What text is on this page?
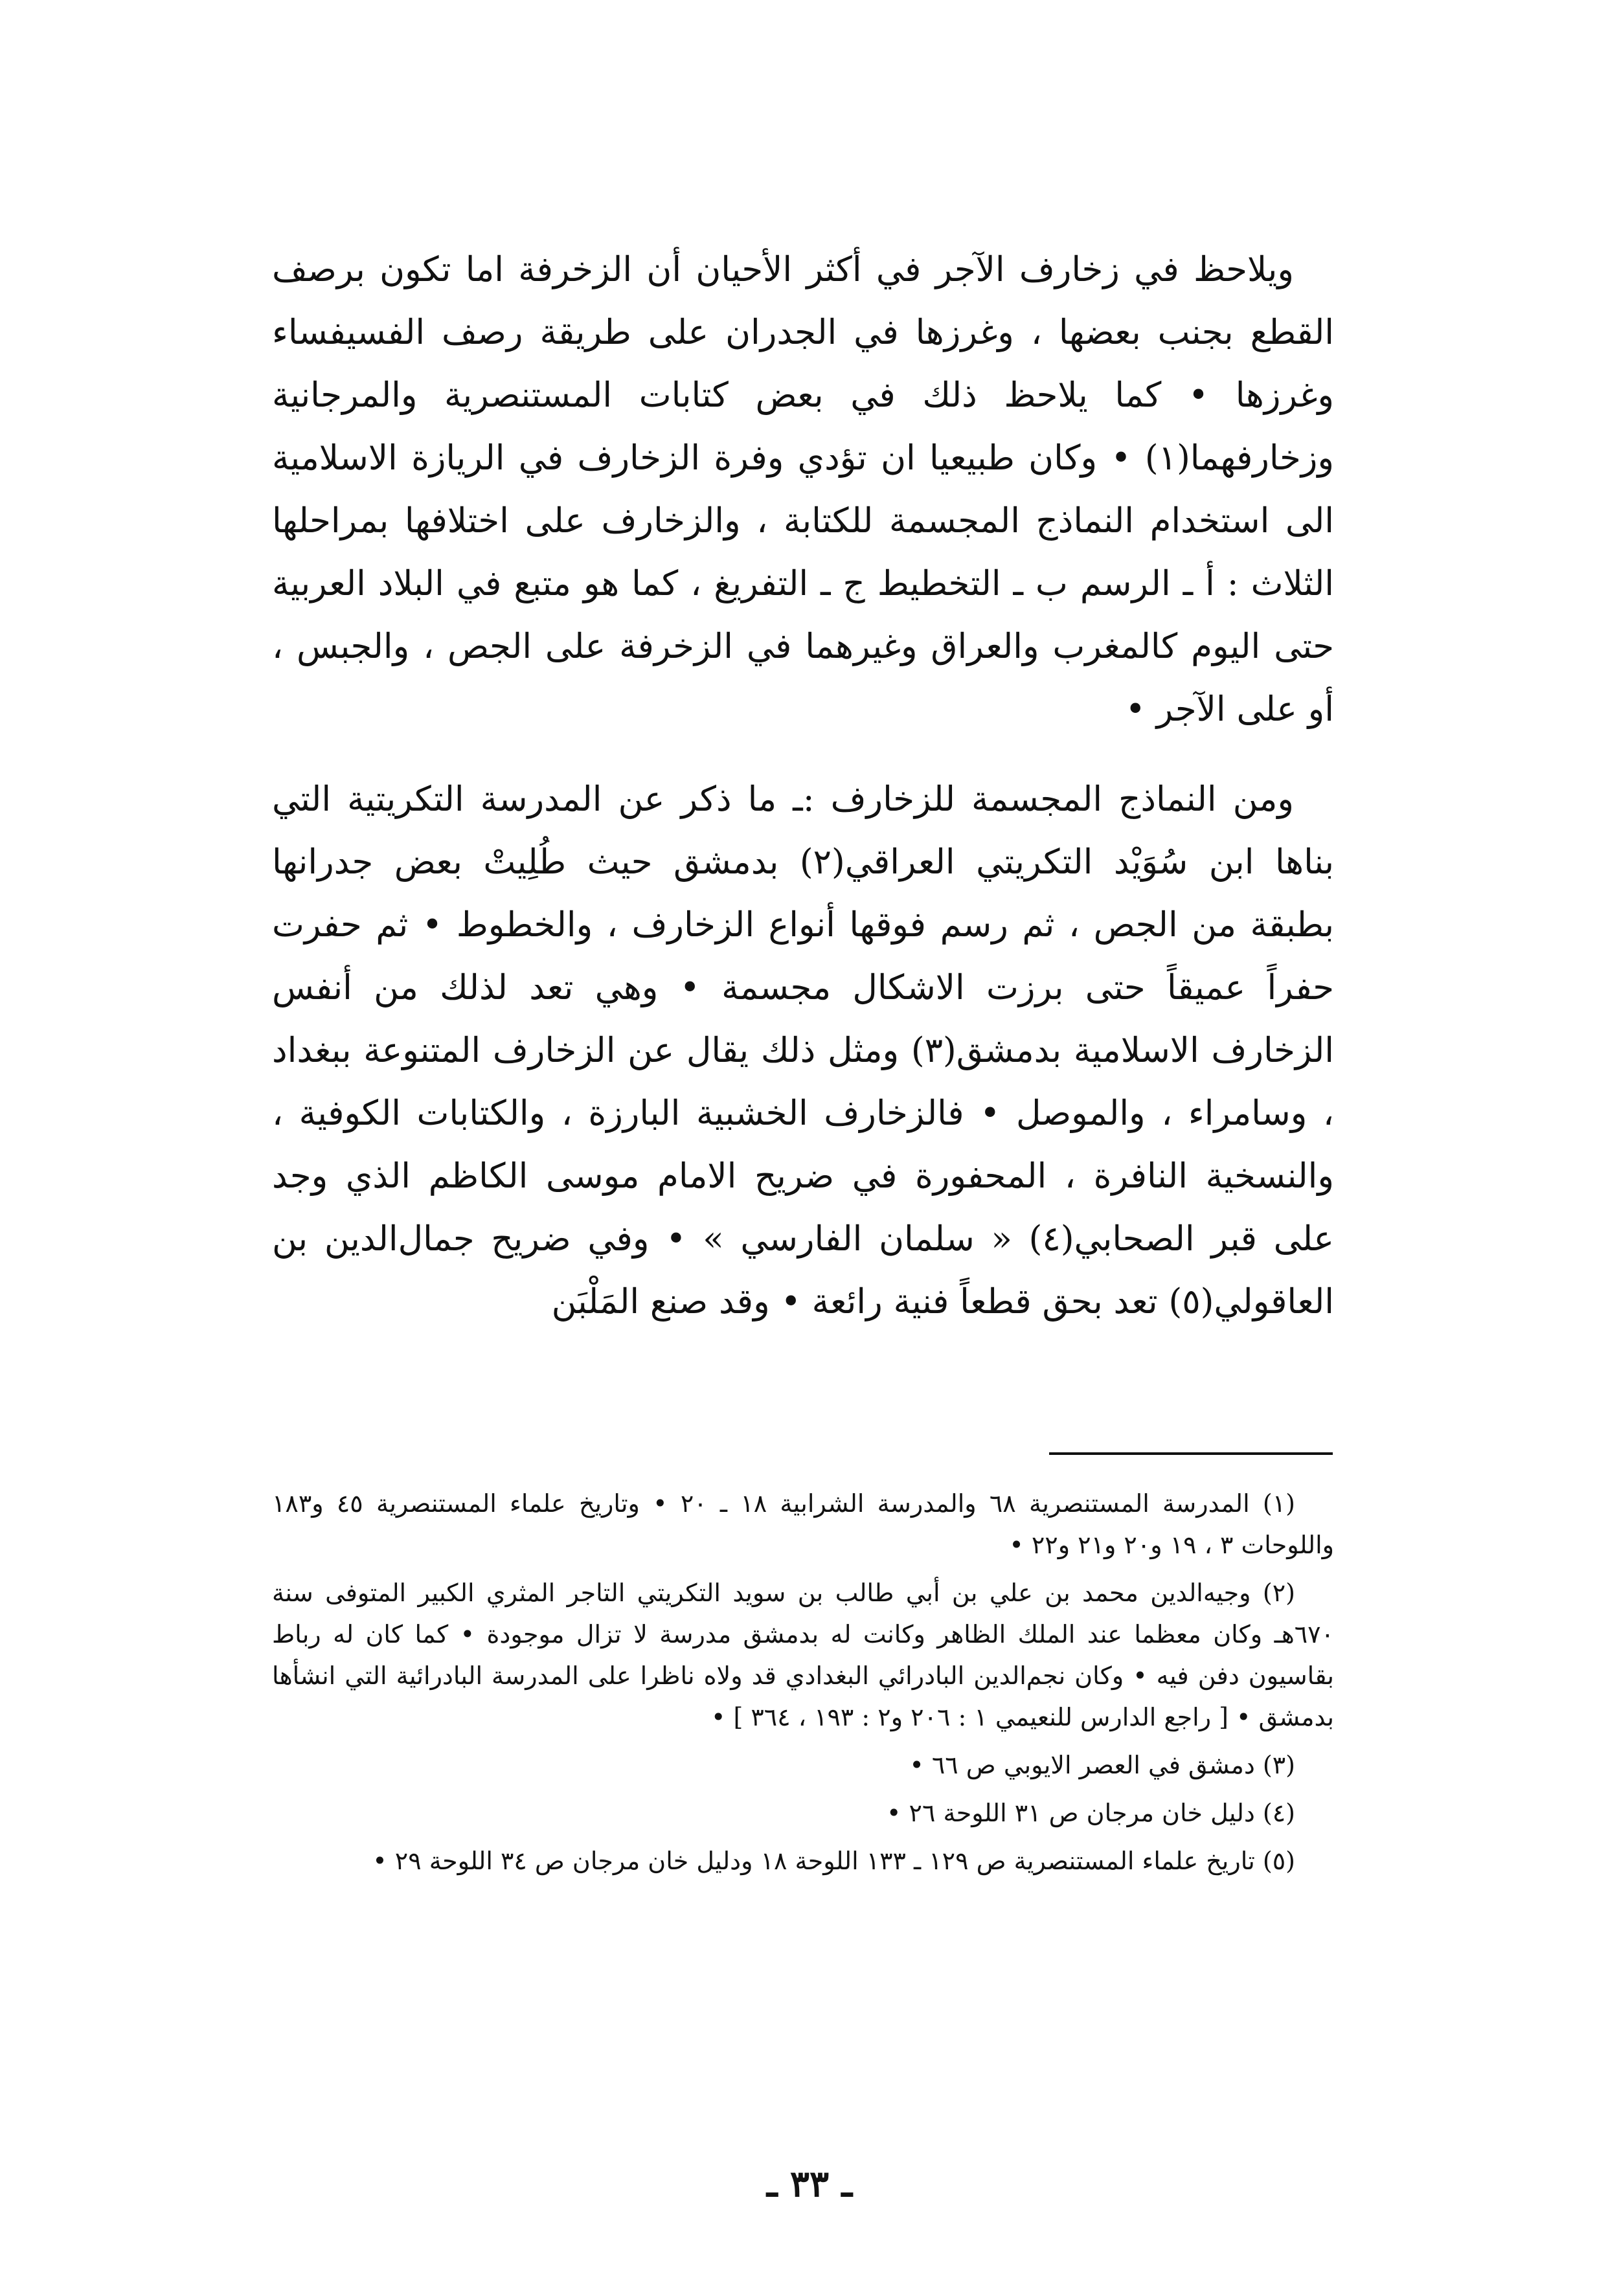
ويلاحظ في زخارف الآجر في أكثر الأحيان أن الزخرفة اما تكون برصف القطع بجنب بعضها ، وغرزها في الجدران على طريقة رصف الفسيفساء وغرزها • كما يلاحظ ذلك في بعض كتابات المستنصرية والمرجانية وزخارفهما(١) • وكان طبيعيا ان تؤدي وفرة الزخارف في الريازة الاسلامية الى استخدام النماذج المجسمة للكتابة ، والزخارف على اختلافها بمراحلها الثلاث : أ ـ الرسم ب ـ التخطيط ج ـ التفريغ ، كما هو متبع في البلاد العربية حتى اليوم كالمغرب والعراق وغيرهما في الزخرفة على الجص ، والجبس ، أو على الآجر •

ومن النماذج المجسمة للزخارف :ـ ما ذكر عن المدرسة التكريتية التي بناها ابن سُوَيْد التكريتي العراقي(٢) بدمشق حيث طُلِيتْ بعض جدرانها بطبقة من الجص ، ثم رسم فوقها أنواع الزخارف ، والخطوط • ثم حفرت حفراً عميقاً حتى برزت الاشكال مجسمة • وهي تعد لذلك من أنفس الزخارف الاسلامية بدمشق(٣) ومثل ذلك يقال عن الزخارف المتنوعة ببغداد ، وسامراء ، والموصل • فالزخارف الخشبية البارزة ، والكتابات الكوفية ، والنسخية النافرة ، المحفورة في ضريح الامام موسى الكاظم الذي وجد على قبر الصحابي(٤) « سلمان الفارسي » • وفي ضريح جمال‌الدين بن العاقولي(٥) تعد بحق قطعاً فنية رائعة • وقد صنع المَلْبَن

(١) المدرسة المستنصرية ٦٨ والمدرسة الشرابية ١٨ ـ ٢٠ • وتاريخ علماء المستنصرية ٤٥ و١٨٣ واللوحات ٣ ، ١٩ و٢٠ و٢١ و٢٢ •

(٢) وجيه‌الدين محمد بن علي بن أبي طالب بن سويد التكريتي التاجر المثري الكبير المتوفى سنة ٦٧٠هـ وكان معظما عند الملك الظاهر وكانت له بدمشق مدرسة لا تزال موجودة • كما كان له رباط بقاسيون دفن فيه • وكان نجم‌الدين البادرائي البغدادي قد ولاه ناظرا على المدرسة البادرائية التي انشأها بدمشق • [ راجع الدارس للنعيمي ١ : ٢٠٦ و٢ : ١٩٣ ، ٣٦٤ ] •

(٣) دمشق في العصر الايوبي ص ٦٦ •

(٤) دليل خان مرجان ص ٣١ اللوحة ٢٦ •

(٥) تاريخ علماء المستنصرية ص ١٢٩ ـ ١٣٣ اللوحة ١٨ ودليل خان مرجان ص ٣٤ اللوحة ٢٩ •

ـ ٣٣ ـ
